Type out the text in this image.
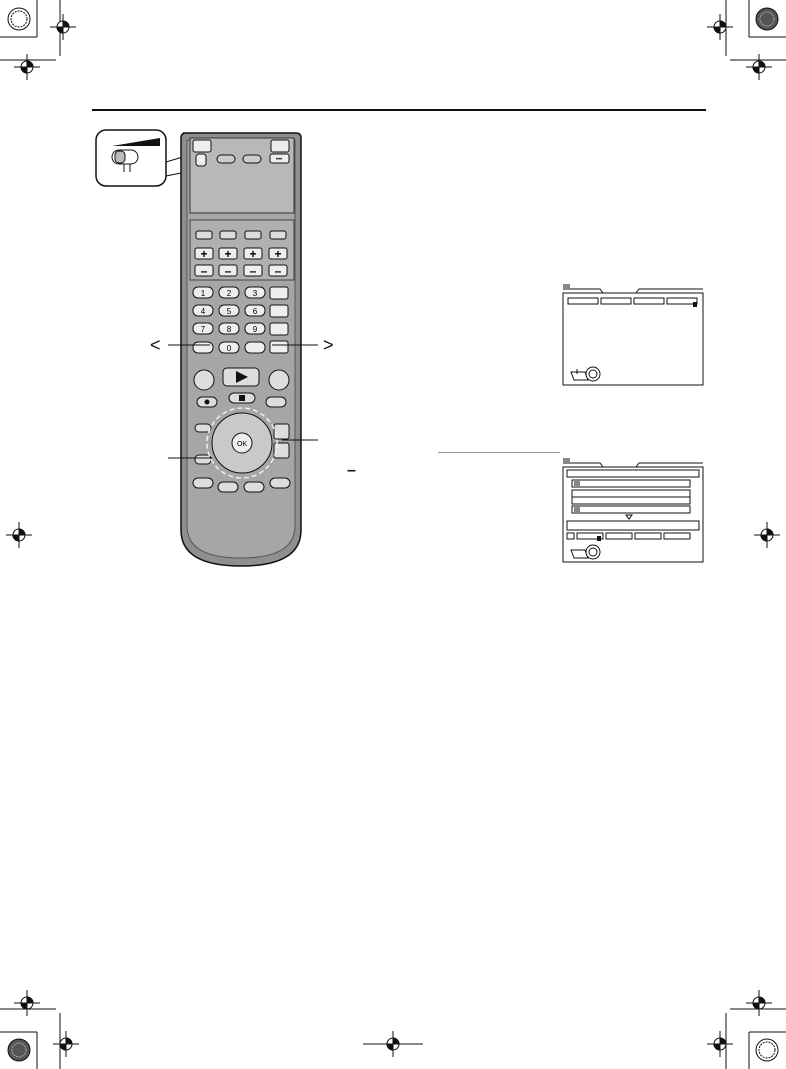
•••
+ + + +
– – – –
1	2	3
4	5	6
7	8	9
0
OK
<	>
–
